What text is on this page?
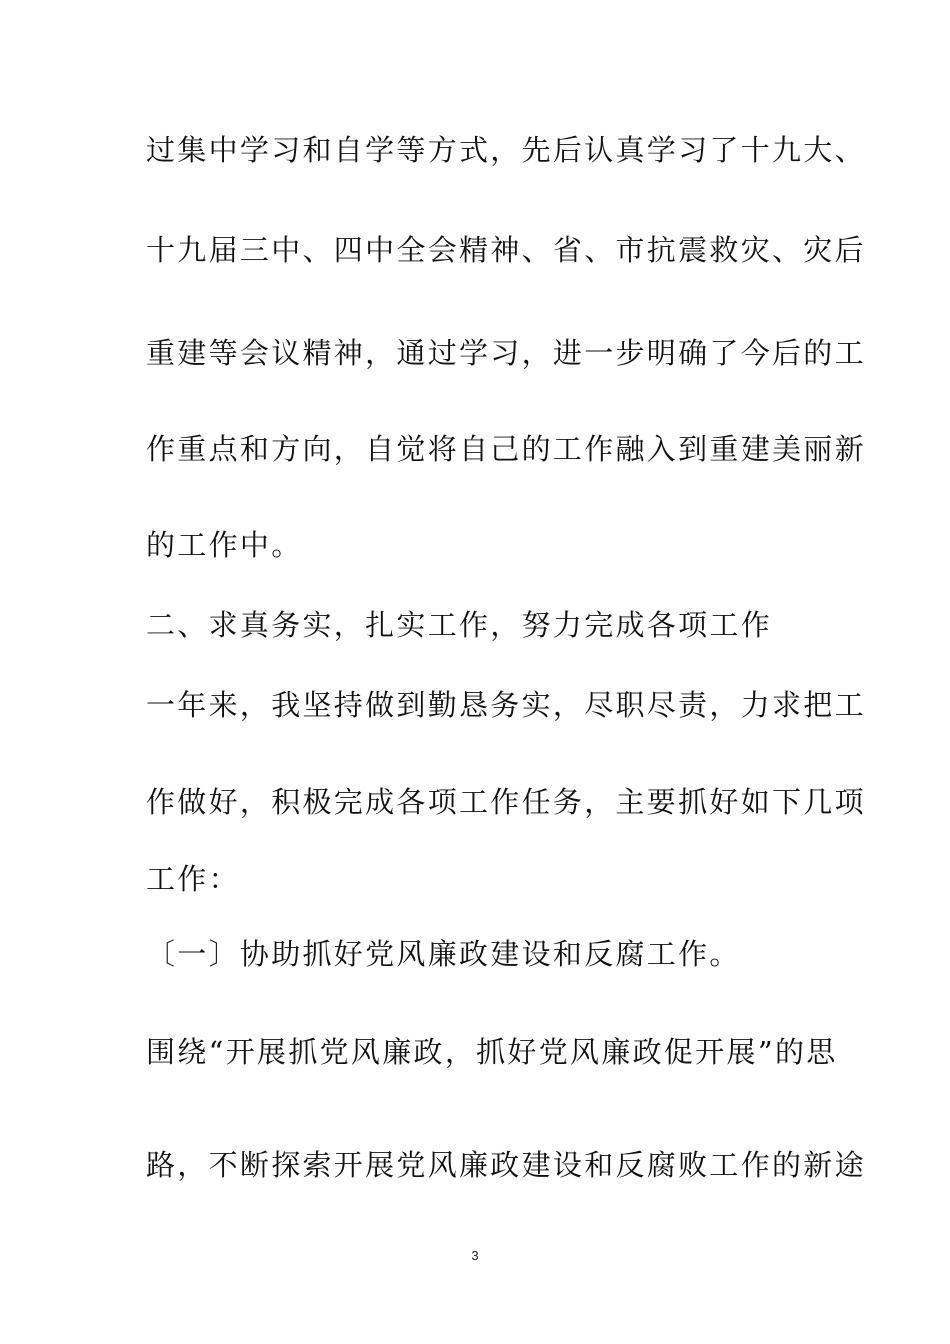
过集中学习和自学等方式，先后认真学习了十九大、
十九届三中、四中全会精神、省、市抗震救灾、灾后
重建等会议精神，通过学习，进一步明确了今后的工
作重点和方向，自觉将自己的工作融入到重建美丽新
的工作中。
二、求真务实，扎实工作，努力完成各项工作
一年来，我坚持做到勤恳务实，尽职尽责，力求把工
作做好，积极完成各项工作任务，主要抓好如下几项
工作：
〔一〕协助抓好党风廉政建设和反腐工作。
围绕“开展抓党风廉政，抓好党风廉政促开展”的思
路，不断探索开展党风廉政建设和反腐败工作的新途
3
